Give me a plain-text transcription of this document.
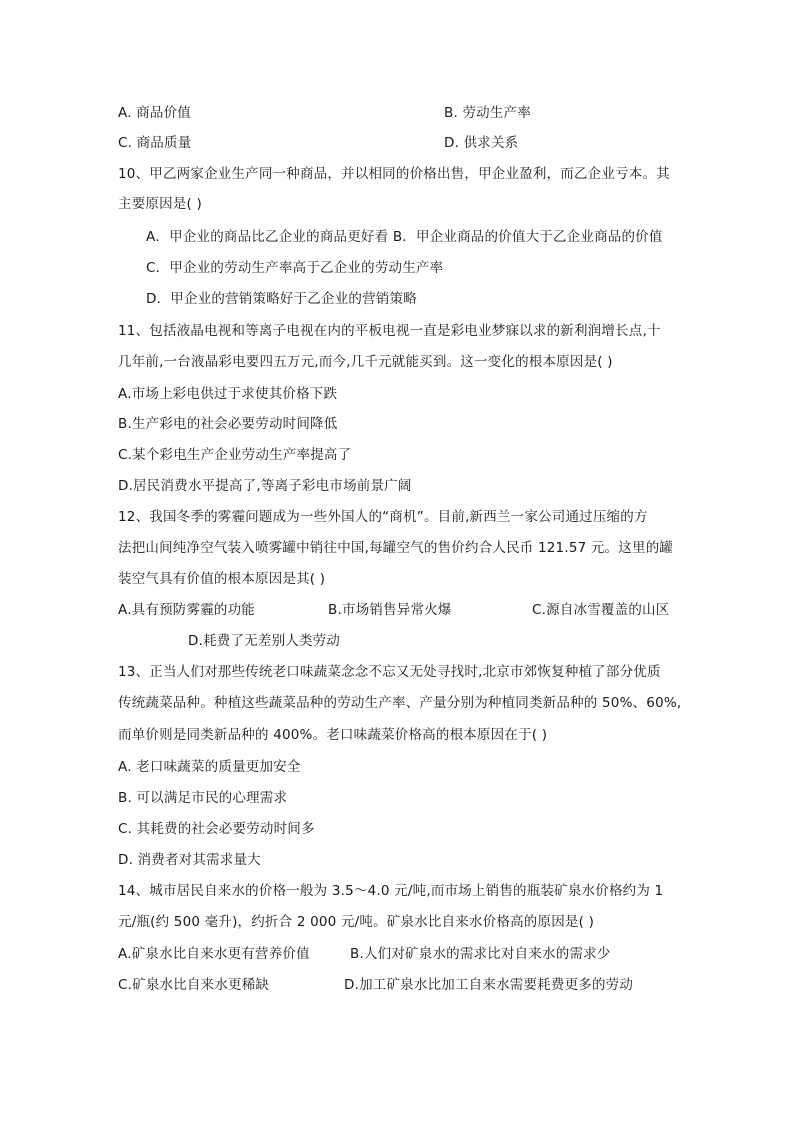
A. 商品价值	B. 劳动生产率
C. 商品质量	D. 供求关系
10、甲乙两家企业生产同一种商品，并以相同的价格出售，甲企业盈利，而乙企业亏本。其
主要原因是( )
A．甲企业的商品比乙企业的商品更好看 B．甲企业商品的价值大于乙企业商品的价值
C．甲企业的劳动生产率高于乙企业的劳动生产率
D．甲企业的营销策略好于乙企业的营销策略
11、包括液晶电视和等离子电视在内的平板电视一直是彩电业梦寐以求的新利润增长点,十
几年前,一台液晶彩电要四五万元,而今,几千元就能买到。这一变化的根本原因是( )
A.市场上彩电供过于求使其价格下跌
B.生产彩电的社会必要劳动时间降低
C.某个彩电生产企业劳动生产率提高了
D.居民消费水平提高了,等离子彩电市场前景广阔
12、我国冬季的雾霾问题成为一些外国人的“商机”。目前,新西兰一家公司通过压缩的方
法把山间纯净空气装入喷雾罐中销往中国,每罐空气的售价约合人民币 121.57 元。这里的罐
装空气具有价值的根本原因是其( )
A.具有预防雾霾的功能	B.市场销售异常火爆	C.源自冰雪覆盖的山区
D.耗费了无差别人类劳动
13、正当人们对那些传统老口味蔬菜念念不忘又无处寻找时,北京市郊恢复种植了部分优质
传统蔬菜品种。种植这些蔬菜品种的劳动生产率、产量分别为种植同类新品种的 50%、60%,
而单价则是同类新品种的 400%。老口味蔬菜价格高的根本原因在于( )
A. 老口味蔬菜的质量更加安全
B. 可以满足市民的心理需求
C. 其耗费的社会必要劳动时间多
D. 消费者对其需求量大
14、城市居民自来水的价格一般为 3.5～4.0 元/吨,而市场上销售的瓶装矿泉水价格约为 1
元/瓶(约 500 毫升)，约折合 2 000 元/吨。矿泉水比自来水价格高的原因是( )
A.矿泉水比自来水更有营养价值	B.人们对矿泉水的需求比对自来水的需求少
C.矿泉水比自来水更稀缺	D.加工矿泉水比加工自来水需要耗费更多的劳动
